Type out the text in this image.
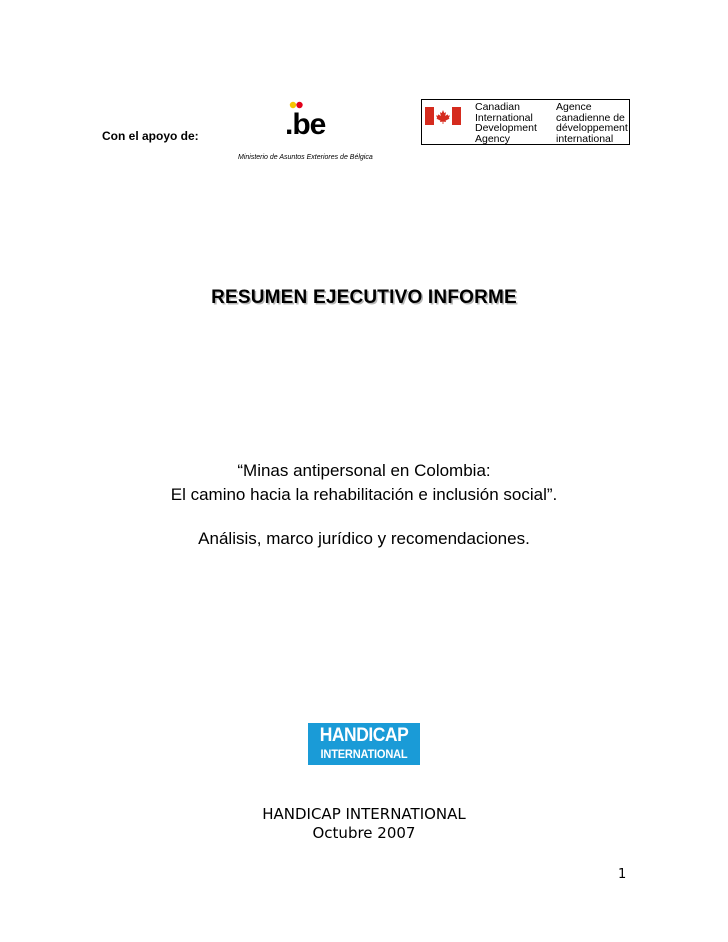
Con el apoyo de:	.be
Ministerio de Asuntos Exteriores de Bélgica
Canadian
International
Development
Agency
Agence
canadienne de
développement
international
RESUMEN EJECUTIVO INFORME
“Minas antipersonal en Colombia:
El camino hacia la rehabilitación e inclusión social”.
Análisis, marco jurídico y recomendaciones.
HANDICAP
INTERNATIONAL
HANDICAP INTERNATIONAL
Octubre 2007
1
